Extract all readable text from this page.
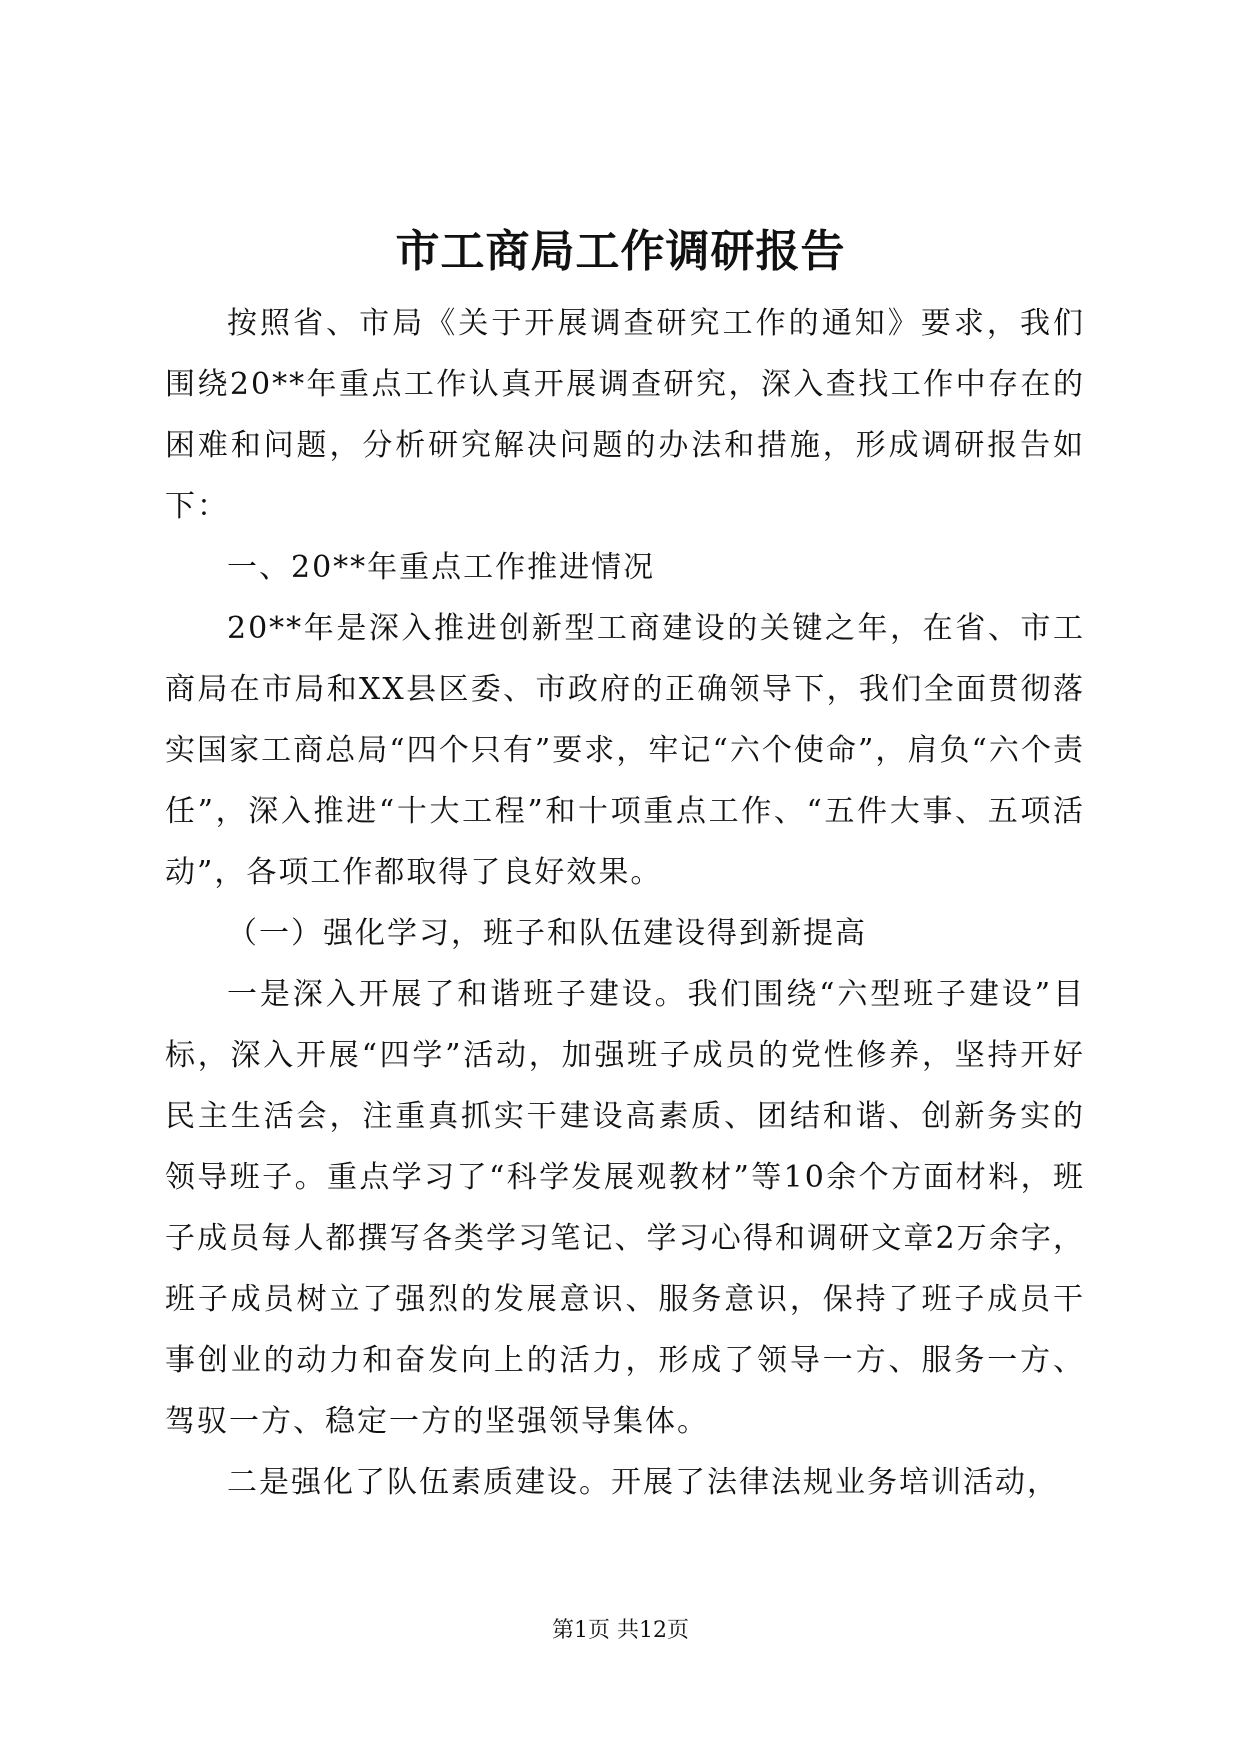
市工商局工作调研报告

按照省、市局《关于开展调查研究工作的通知》要求，我们围绕20**年重点工作认真开展调查研究，深入查找工作中存在的困难和问题，分析研究解决问题的办法和措施，形成调研报告如下：

一、20**年重点工作推进情况

20**年是深入推进创新型工商建设的关键之年，在省、市工商局在市局和XX县区委、市政府的正确领导下，我们全面贯彻落实国家工商总局“四个只有”要求，牢记“六个使命”，肩负“六个责任”，深入推进“十大工程”和十项重点工作、“五件大事、五项活动”，各项工作都取得了良好效果。

（一）强化学习，班子和队伍建设得到新提高

一是深入开展了和谐班子建设。我们围绕“六型班子建设”目标，深入开展“四学”活动，加强班子成员的党性修养，坚持开好民主生活会，注重真抓实干建设高素质、团结和谐、创新务实的领导班子。重点学习了“科学发展观教材”等10余个方面材料，班子成员每人都撰写各类学习笔记、学习心得和调研文章2万余字，班子成员树立了强烈的发展意识、服务意识，保持了班子成员干事创业的动力和奋发向上的活力，形成了领导一方、服务一方、驾驭一方、稳定一方的坚强领导集体。

二是强化了队伍素质建设。开展了法律法规业务培训活动，

第1页 共12页
